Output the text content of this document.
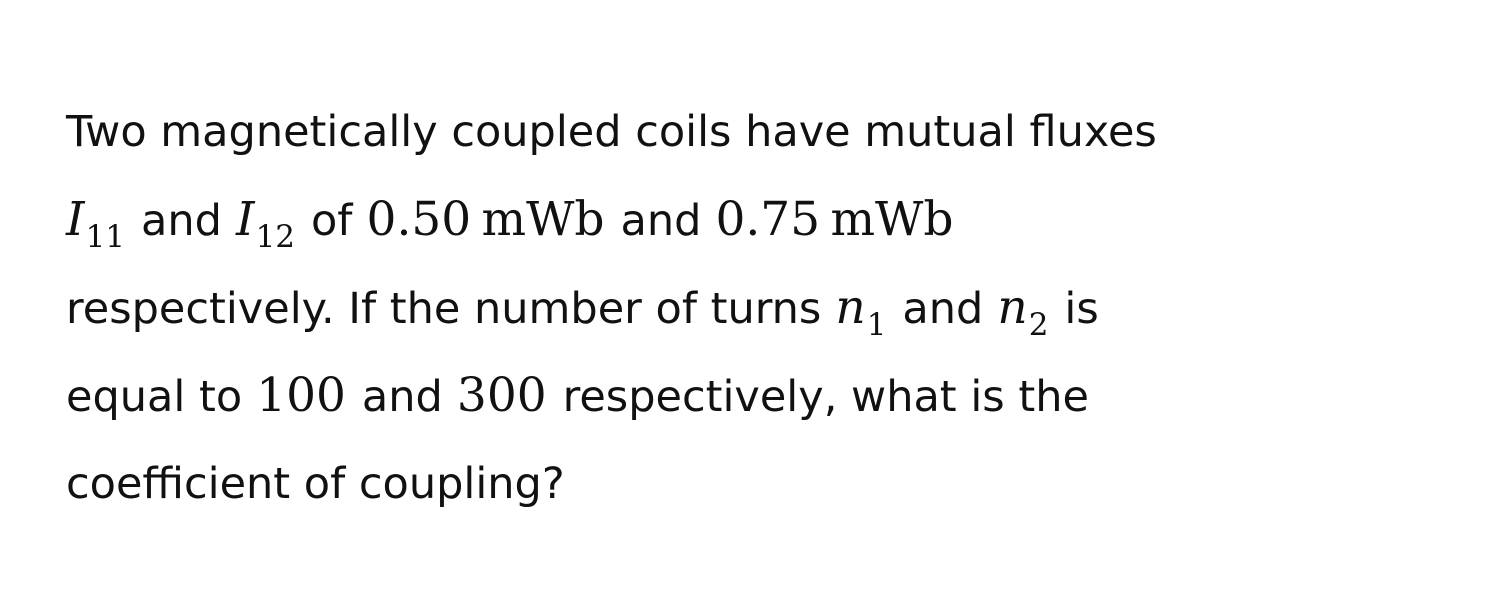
Two magnetically coupled coils have mutual fluxes
$I_{11}$ and $I_{12}$ of 0.50 mWb and 0.75 mWb
respectively. If the number of turns $n_1$ and $n_2$ is
equal to 100 and 300 respectively, what is the
coefficient of coupling?
